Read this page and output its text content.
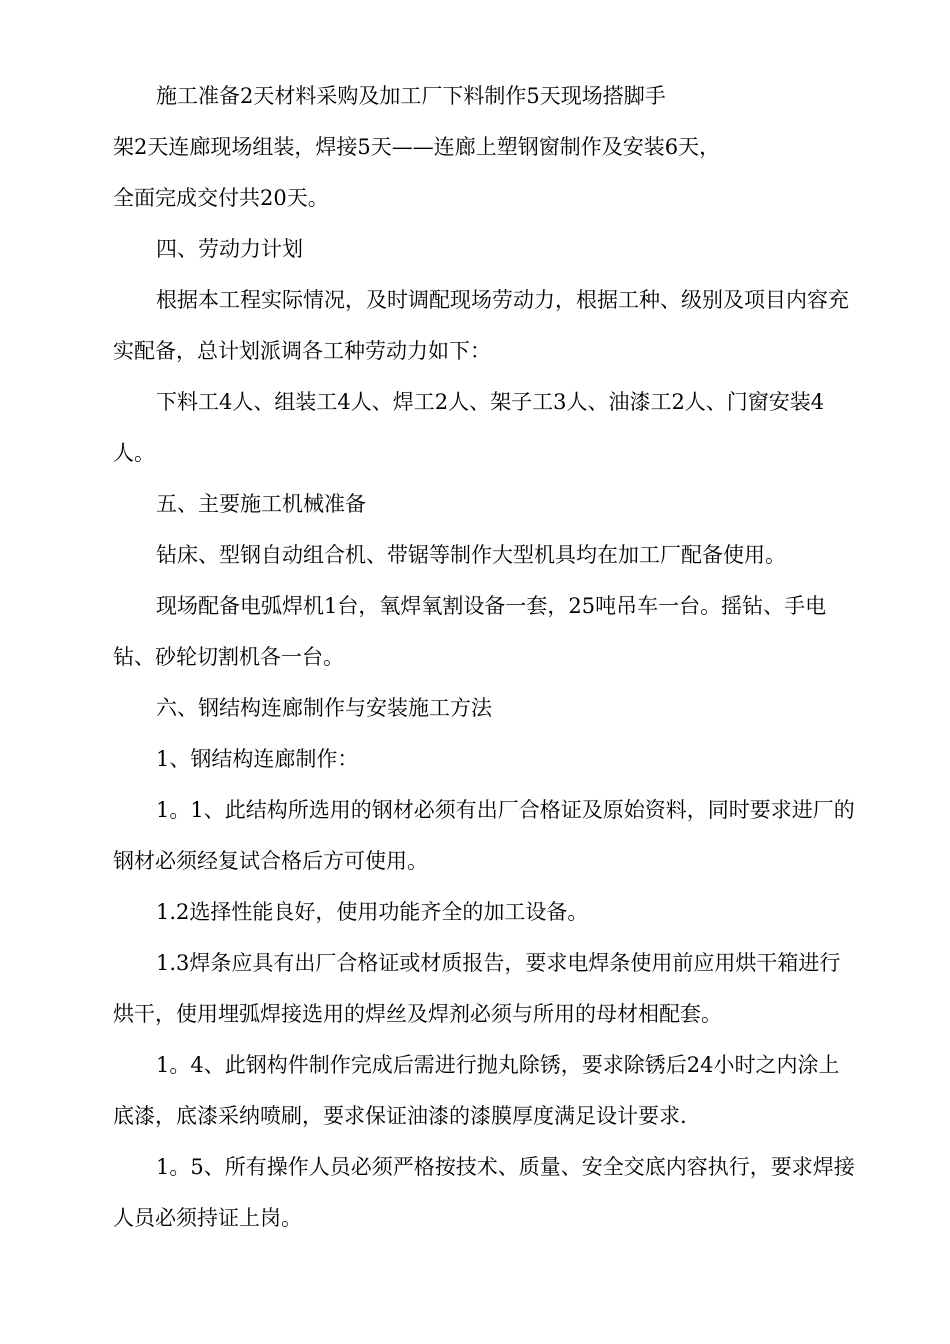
施工准备2天材料采购及加工厂下料制作5天现场搭脚手
架2天连廊现场组装，焊接5天——连廊上塑钢窗制作及安装6天，
全面完成交付共20天。
四、劳动力计划
根据本工程实际情况，及时调配现场劳动力，根据工种、级别及项目内容充
实配备，总计划派调各工种劳动力如下：
下料工4人、组装工4人、焊工2人、架子工3人、油漆工2人、门窗安装4
人。
五、主要施工机械准备
钻床、型钢自动组合机、带锯等制作大型机具均在加工厂配备使用。
现场配备电弧焊机1台，氧焊氧割设备一套，25吨吊车一台。摇钻、手电
钻、砂轮切割机各一台。
六、钢结构连廊制作与安装施工方法
1、钢结构连廊制作：
1。1、此结构所选用的钢材必须有出厂合格证及原始资料，同时要求进厂的
钢材必须经复试合格后方可使用。
1.2选择性能良好，使用功能齐全的加工设备。
1.3焊条应具有出厂合格证或材质报告，要求电焊条使用前应用烘干箱进行
烘干，使用埋弧焊接选用的焊丝及焊剂必须与所用的母材相配套。
1。4、此钢构件制作完成后需进行抛丸除锈，要求除锈后24小时之内涂上
底漆，底漆采纳喷刷，要求保证油漆的漆膜厚度满足设计要求.
1。5、所有操作人员必须严格按技术、质量、安全交底内容执行，要求焊接
人员必须持证上岗。
